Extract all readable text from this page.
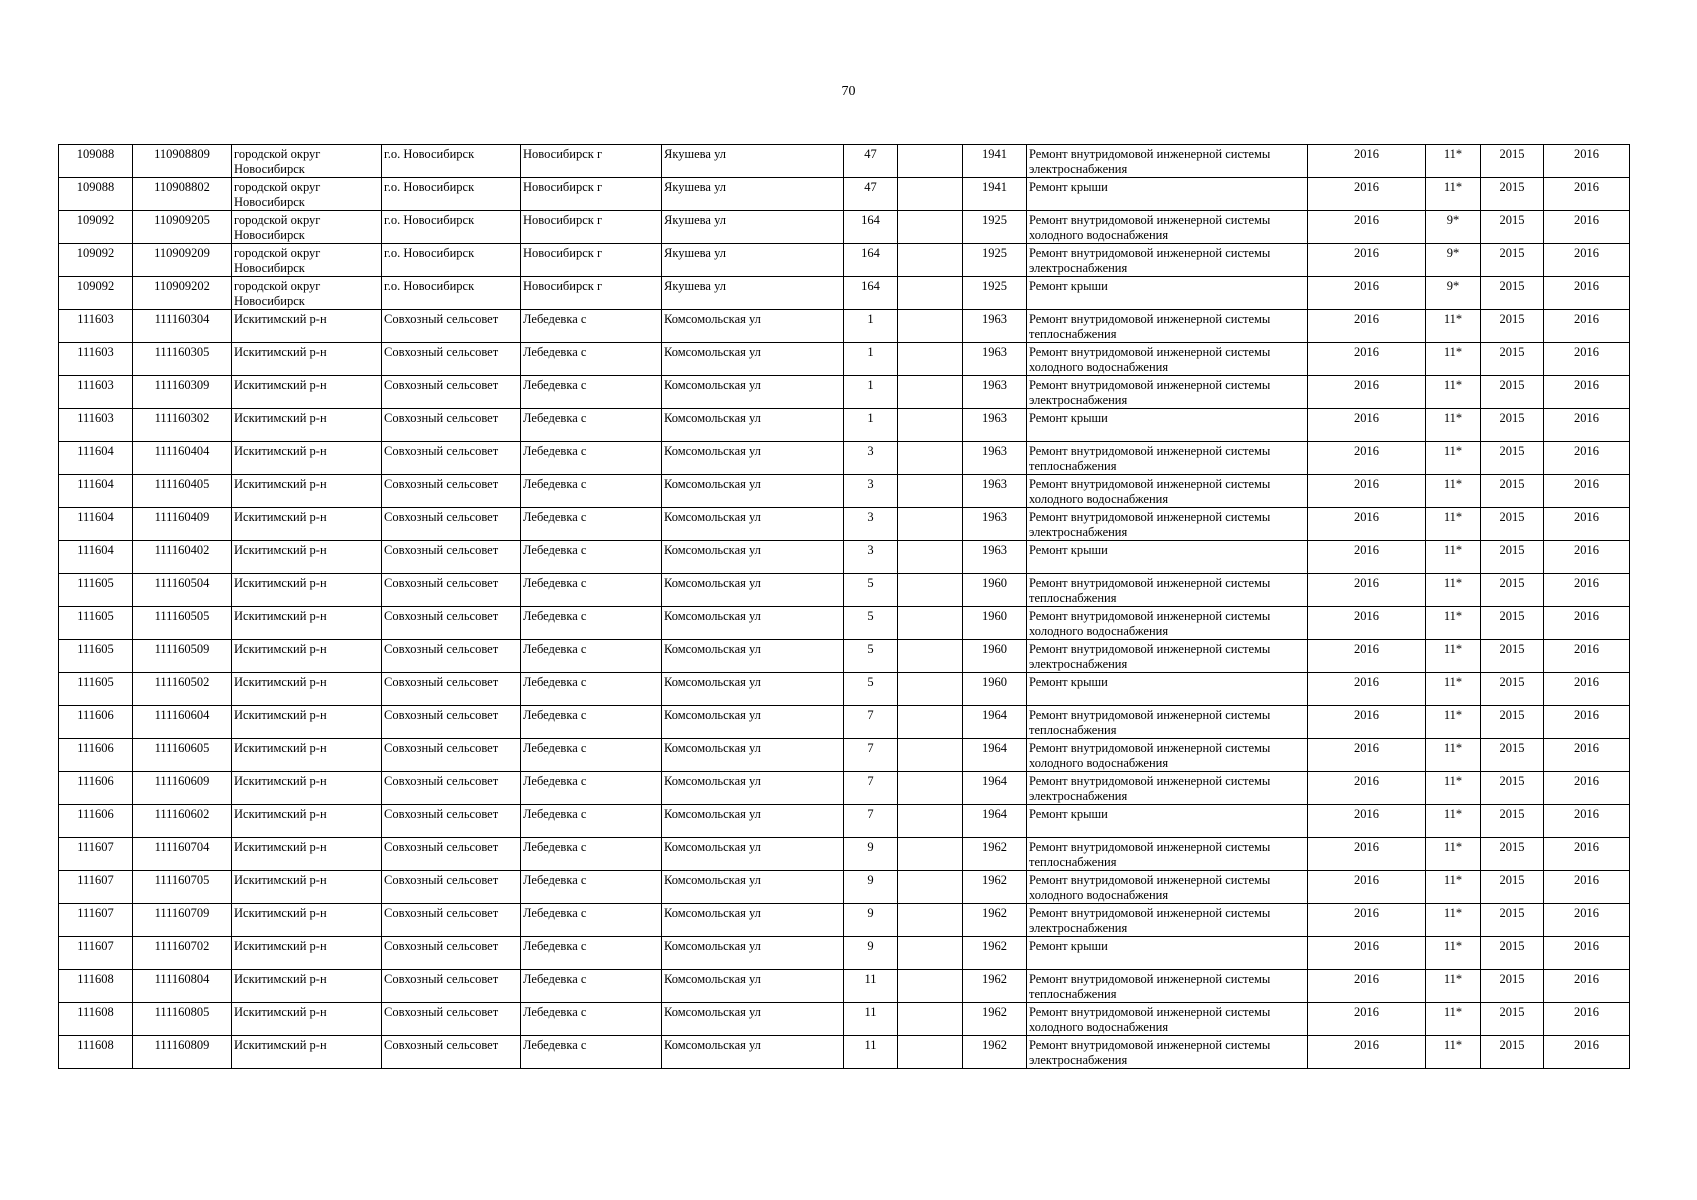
70
109088	110908809	городской округ Новосибирск	г.о. Новосибирск	Новосибирск г	Якушева ул	47		1941	Ремонт внутридомовой инженерной системы электроснабжения	2016	11*	2015	2016
109088	110908802	городской округ Новосибирск	г.о. Новосибирск	Новосибирск г	Якушева ул	47		1941	Ремонт крыши	2016	11*	2015	2016
109092	110909205	городской округ Новосибирск	г.о. Новосибирск	Новосибирск г	Якушева ул	164		1925	Ремонт внутридомовой инженерной системы холодного водоснабжения	2016	9*	2015	2016
109092	110909209	городской округ Новосибирск	г.о. Новосибирск	Новосибирск г	Якушева ул	164		1925	Ремонт внутридомовой инженерной системы электроснабжения	2016	9*	2015	2016
109092	110909202	городской округ Новосибирск	г.о. Новосибирск	Новосибирск г	Якушева ул	164		1925	Ремонт крыши	2016	9*	2015	2016
111603	111160304	Искитимский р-н	Совхозный сельсовет	Лебедевка с	Комсомольская ул	1		1963	Ремонт внутридомовой инженерной системы теплоснабжения	2016	11*	2015	2016
111603	111160305	Искитимский р-н	Совхозный сельсовет	Лебедевка с	Комсомольская ул	1		1963	Ремонт внутридомовой инженерной системы холодного водоснабжения	2016	11*	2015	2016
111603	111160309	Искитимский р-н	Совхозный сельсовет	Лебедевка с	Комсомольская ул	1		1963	Ремонт внутридомовой инженерной системы электроснабжения	2016	11*	2015	2016
111603	111160302	Искитимский р-н	Совхозный сельсовет	Лебедевка с	Комсомольская ул	1		1963	Ремонт крыши	2016	11*	2015	2016
111604	111160404	Искитимский р-н	Совхозный сельсовет	Лебедевка с	Комсомольская ул	3		1963	Ремонт внутридомовой инженерной системы теплоснабжения	2016	11*	2015	2016
111604	111160405	Искитимский р-н	Совхозный сельсовет	Лебедевка с	Комсомольская ул	3		1963	Ремонт внутридомовой инженерной системы холодного водоснабжения	2016	11*	2015	2016
111604	111160409	Искитимский р-н	Совхозный сельсовет	Лебедевка с	Комсомольская ул	3		1963	Ремонт внутридомовой инженерной системы электроснабжения	2016	11*	2015	2016
111604	111160402	Искитимский р-н	Совхозный сельсовет	Лебедевка с	Комсомольская ул	3		1963	Ремонт крыши	2016	11*	2015	2016
111605	111160504	Искитимский р-н	Совхозный сельсовет	Лебедевка с	Комсомольская ул	5		1960	Ремонт внутридомовой инженерной системы теплоснабжения	2016	11*	2015	2016
111605	111160505	Искитимский р-н	Совхозный сельсовет	Лебедевка с	Комсомольская ул	5		1960	Ремонт внутридомовой инженерной системы холодного водоснабжения	2016	11*	2015	2016
111605	111160509	Искитимский р-н	Совхозный сельсовет	Лебедевка с	Комсомольская ул	5		1960	Ремонт внутридомовой инженерной системы электроснабжения	2016	11*	2015	2016
111605	111160502	Искитимский р-н	Совхозный сельсовет	Лебедевка с	Комсомольская ул	5		1960	Ремонт крыши	2016	11*	2015	2016
111606	111160604	Искитимский р-н	Совхозный сельсовет	Лебедевка с	Комсомольская ул	7		1964	Ремонт внутридомовой инженерной системы теплоснабжения	2016	11*	2015	2016
111606	111160605	Искитимский р-н	Совхозный сельсовет	Лебедевка с	Комсомольская ул	7		1964	Ремонт внутридомовой инженерной системы холодного водоснабжения	2016	11*	2015	2016
111606	111160609	Искитимский р-н	Совхозный сельсовет	Лебедевка с	Комсомольская ул	7		1964	Ремонт внутридомовой инженерной системы электроснабжения	2016	11*	2015	2016
111606	111160602	Искитимский р-н	Совхозный сельсовет	Лебедевка с	Комсомольская ул	7		1964	Ремонт крыши	2016	11*	2015	2016
111607	111160704	Искитимский р-н	Совхозный сельсовет	Лебедевка с	Комсомольская ул	9		1962	Ремонт внутридомовой инженерной системы теплоснабжения	2016	11*	2015	2016
111607	111160705	Искитимский р-н	Совхозный сельсовет	Лебедевка с	Комсомольская ул	9		1962	Ремонт внутридомовой инженерной системы холодного водоснабжения	2016	11*	2015	2016
111607	111160709	Искитимский р-н	Совхозный сельсовет	Лебедевка с	Комсомольская ул	9		1962	Ремонт внутридомовой инженерной системы электроснабжения	2016	11*	2015	2016
111607	111160702	Искитимский р-н	Совхозный сельсовет	Лебедевка с	Комсомольская ул	9		1962	Ремонт крыши	2016	11*	2015	2016
111608	111160804	Искитимский р-н	Совхозный сельсовет	Лебедевка с	Комсомольская ул	11		1962	Ремонт внутридомовой инженерной системы теплоснабжения	2016	11*	2015	2016
111608	111160805	Искитимский р-н	Совхозный сельсовет	Лебедевка с	Комсомольская ул	11		1962	Ремонт внутридомовой инженерной системы холодного водоснабжения	2016	11*	2015	2016
111608	111160809	Искитимский р-н	Совхозный сельсовет	Лебедевка с	Комсомольская ул	11		1962	Ремонт внутридомовой инженерной системы электроснабжения	2016	11*	2015	2016
